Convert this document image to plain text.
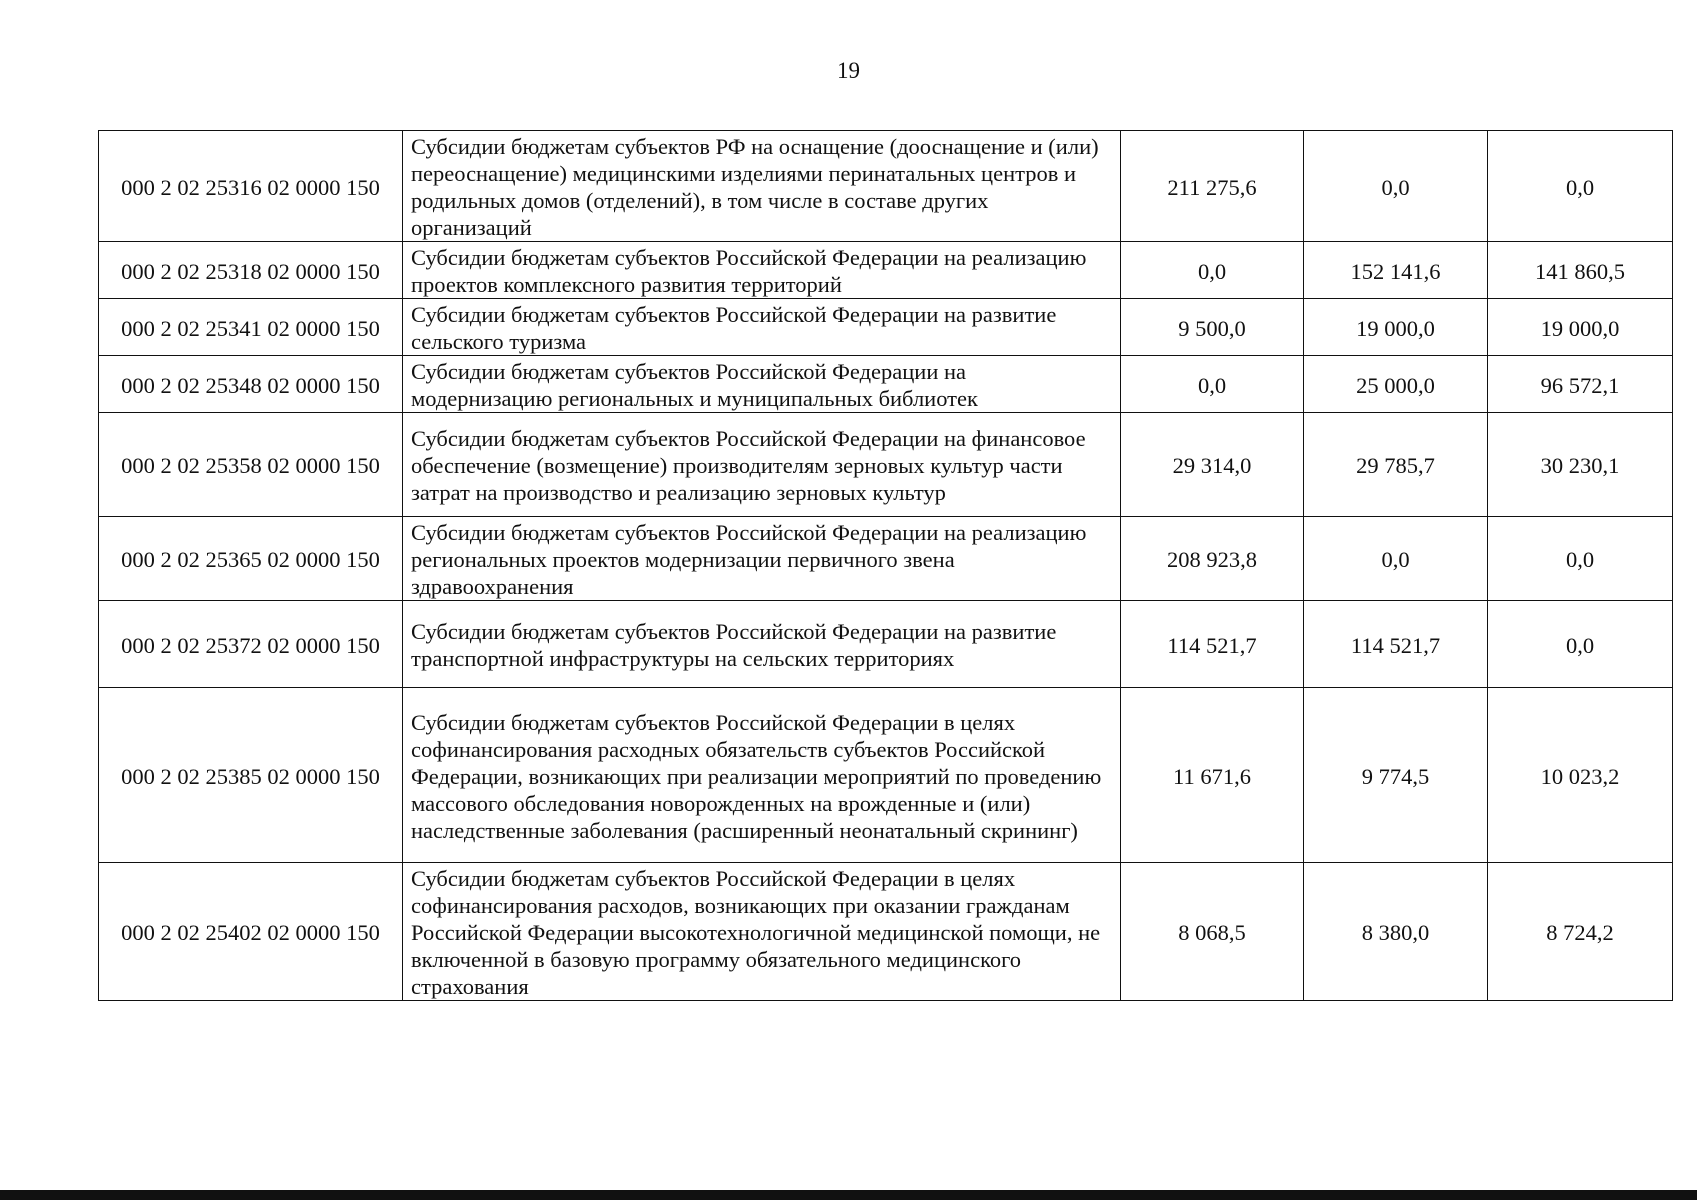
19
000 2 02 25316 02 0000 150	Субсидии бюджетам субъектов РФ на оснащение (дооснащение и (или) переоснащение) медицинскими изделиями перинатальных центров и родильных домов (отделений), в том числе в составе других организаций	211 275,6	0,0	0,0
000 2 02 25318 02 0000 150	Субсидии бюджетам субъектов Российской Федерации на реализацию проектов комплексного развития территорий	0,0	152 141,6	141 860,5
000 2 02 25341 02 0000 150	Субсидии бюджетам субъектов Российской Федерации на развитие сельского туризма	9 500,0	19 000,0	19 000,0
000 2 02 25348 02 0000 150	Субсидии бюджетам субъектов Российской Федерации на модернизацию региональных и муниципальных библиотек	0,0	25 000,0	96 572,1
000 2 02 25358 02 0000 150	Субсидии бюджетам субъектов Российской Федерации на финансовое обеспечение (возмещение) производителям зерновых культур части затрат на производство и реализацию зерновых культур	29 314,0	29 785,7	30 230,1
000 2 02 25365 02 0000 150	Субсидии бюджетам субъектов Российской Федерации на реализацию региональных проектов модернизации первичного звена здравоохранения	208 923,8	0,0	0,0
000 2 02 25372 02 0000 150	Субсидии бюджетам субъектов Российской Федерации на развитие транспортной инфраструктуры на сельских территориях	114 521,7	114 521,7	0,0
000 2 02 25385 02 0000 150	Субсидии бюджетам субъектов Российской Федерации в целях софинансирования расходных обязательств субъектов Российской Федерации, возникающих при реализации мероприятий по проведению массового обследования новорожденных на врожденные и (или) наследственные заболевания (расширенный неонатальный скрининг)	11 671,6	9 774,5	10 023,2
000 2 02 25402 02 0000 150	Субсидии бюджетам субъектов Российской Федерации в целях софинансирования расходов, возникающих при оказании гражданам Российской Федерации высокотехнологичной медицинской помощи, не включенной в базовую программу обязательного медицинского страхования	8 068,5	8 380,0	8 724,2
